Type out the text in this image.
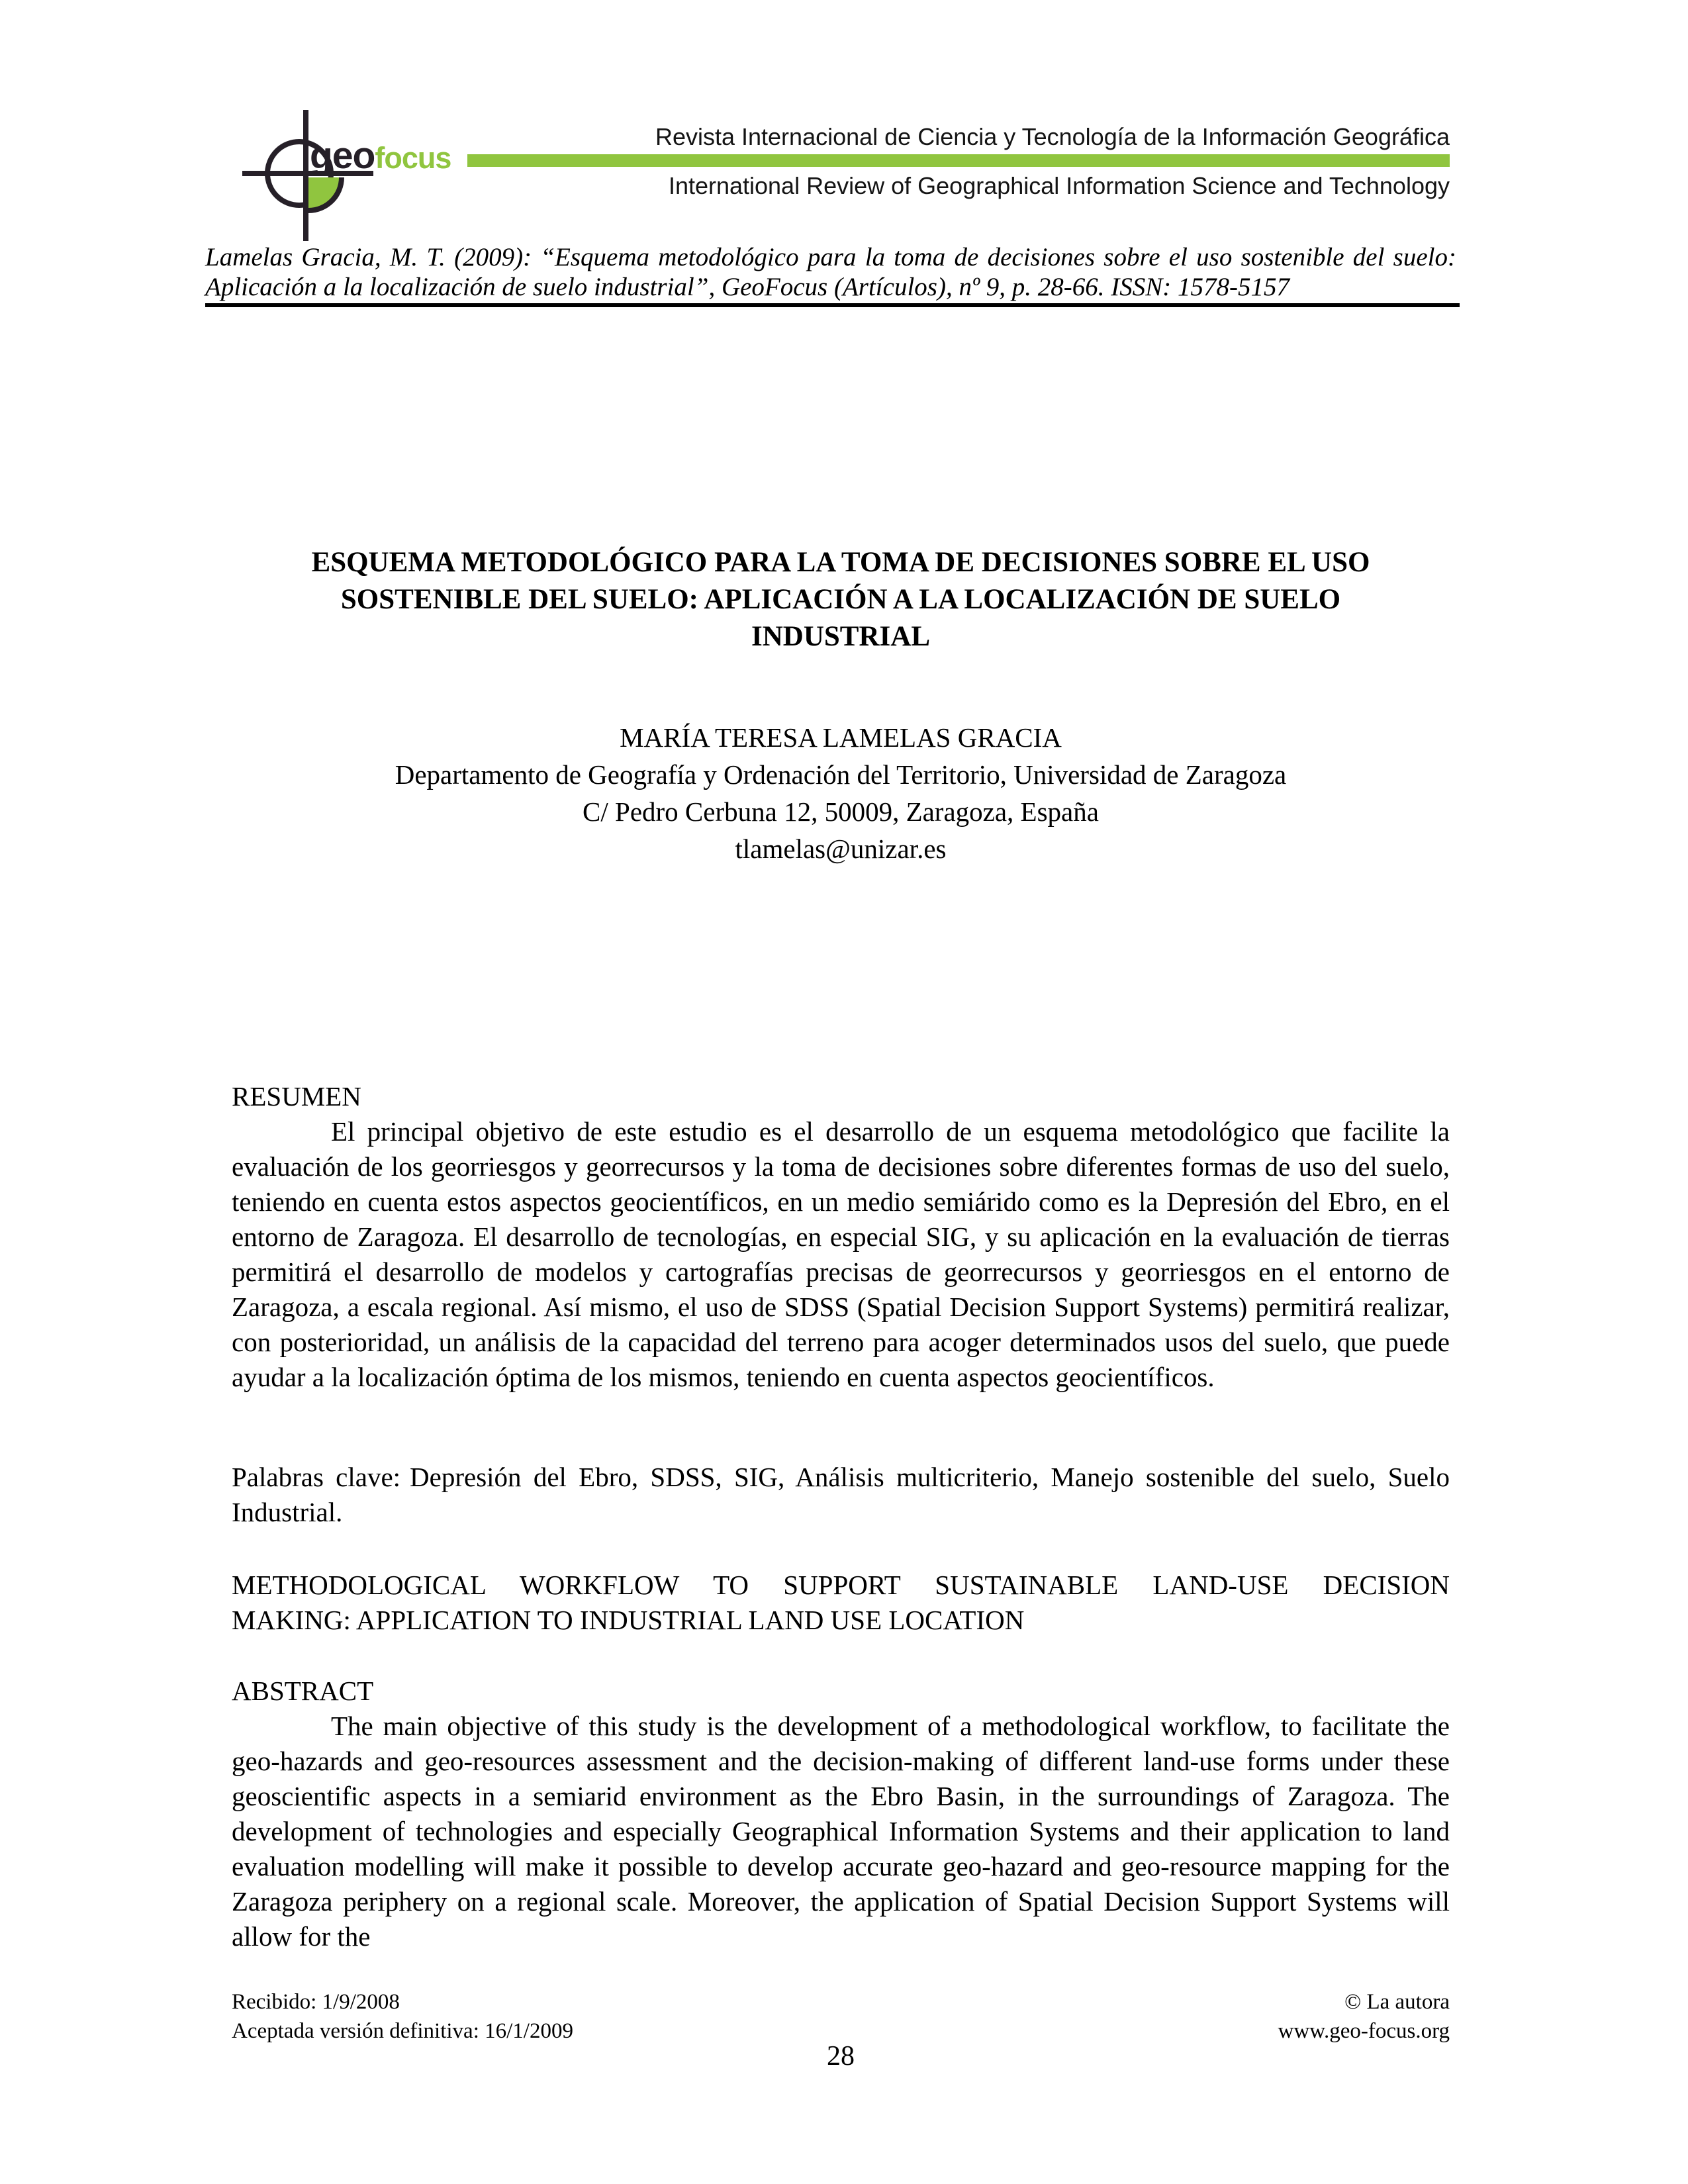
geo focus
Revista Internacional de Ciencia y Tecnología de la Información Geográfica
International Review of Geographical Information Science and Technology
Lamelas Gracia, M. T. (2009): “Esquema metodológico para la toma de decisiones sobre el uso sostenible del suelo:
Aplicación a la localización de suelo industrial”, GeoFocus (Artículos), nº 9, p. 28-66. ISSN: 1578-5157
ESQUEMA METODOLÓGICO PARA LA TOMA DE DECISIONES SOBRE EL USO
SOSTENIBLE DEL SUELO: APLICACIÓN A LA LOCALIZACIÓN DE SUELO
INDUSTRIAL
MARÍA TERESA LAMELAS GRACIA
Departamento de Geografía y Ordenación del Territorio, Universidad de Zaragoza
C/ Pedro Cerbuna 12, 50009, Zaragoza, España
tlamelas@unizar.es
RESUMEN
El principal objetivo de este estudio es el desarrollo de un esquema metodológico que facilite la evaluación de los georriesgos y georrecursos y la toma de decisiones sobre diferentes formas de uso del suelo, teniendo en cuenta estos aspectos geocientíficos, en un medio semiárido como es la Depresión del Ebro, en el entorno de Zaragoza. El desarrollo de tecnologías, en especial SIG, y su aplicación en la evaluación de tierras permitirá el desarrollo de modelos y cartografías precisas de georrecursos y georriesgos en el entorno de Zaragoza, a escala regional. Así mismo, el uso de SDSS (Spatial Decision Support Systems) permitirá realizar, con posterioridad, un análisis de la capacidad del terreno para acoger determinados usos del suelo, que puede ayudar a la localización óptima de los mismos, teniendo en cuenta aspectos geocientíficos.
Palabras clave: Depresión del Ebro, SDSS, SIG, Análisis multicriterio, Manejo sostenible del suelo, Suelo Industrial.
METHODOLOGICAL WORKFLOW TO SUPPORT SUSTAINABLE LAND-USE DECISION
MAKING: APPLICATION TO INDUSTRIAL LAND USE LOCATION
ABSTRACT
The main objective of this study is the development of a methodological workflow, to facilitate the geo-hazards and geo-resources assessment and the decision-making of different land-use forms under these geoscientific aspects in a semiarid environment as the Ebro Basin, in the surroundings of Zaragoza. The development of technologies and especially Geographical Information Systems and their application to land evaluation modelling will make it possible to develop accurate geo-hazard and geo-resource mapping for the Zaragoza periphery on a regional scale. Moreover, the application of Spatial Decision Support Systems will allow for the
Recibido: 1/9/2008
Aceptada versión definitiva: 16/1/2009
© La autora
www.geo-focus.org
28
